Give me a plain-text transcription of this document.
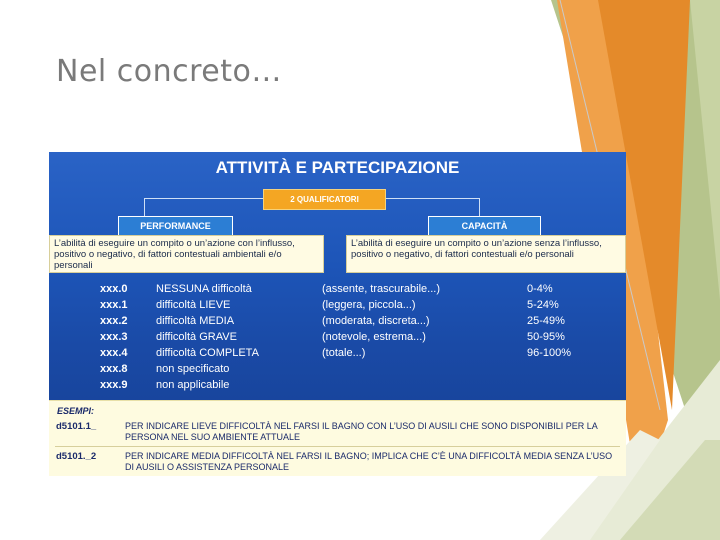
Nel concreto…
ATTIVITÀ E PARTECIPAZIONE
2 QUALIFICATORI
PERFORMANCE	CAPACITÀ
L’abilità di eseguire un compito o un’azione con l’influsso, positivo o negativo, di fattori contestuali ambientali e/o personali
L’abilità di eseguire un compito o un’azione senza l’influsso, positivo o negativo, di fattori contestuali e/o personali
xxx.0	NESSUNA difficoltà	(assente, trascurabile...)	0-4%
xxx.1	difficoltà LIEVE	(leggera, piccola...)	5-24%
xxx.2	difficoltà MEDIA	(moderata, discreta...)	25-49%
xxx.3	difficoltà GRAVE	(notevole, estrema...)	50-95%
xxx.4	difficoltà COMPLETA	(totale...)	96-100%
xxx.8	non specificato
xxx.9	non applicabile
ESEMPI:
d5101.1_	PER INDICARE LIEVE DIFFICOLTÀ NEL FARSI IL BAGNO CON L’USO DI AUSILI CHE SONO DISPONIBILI PER LA PERSONA NEL SUO AMBIENTE ATTUALE
d5101._2	PER INDICARE MEDIA DIFFICOLTÀ NEL FARSI IL BAGNO; IMPLICA CHE C’È UNA DIFFICOLTÀ MEDIA SENZA L’USO DI AUSILI O ASSISTENZA PERSONALE
